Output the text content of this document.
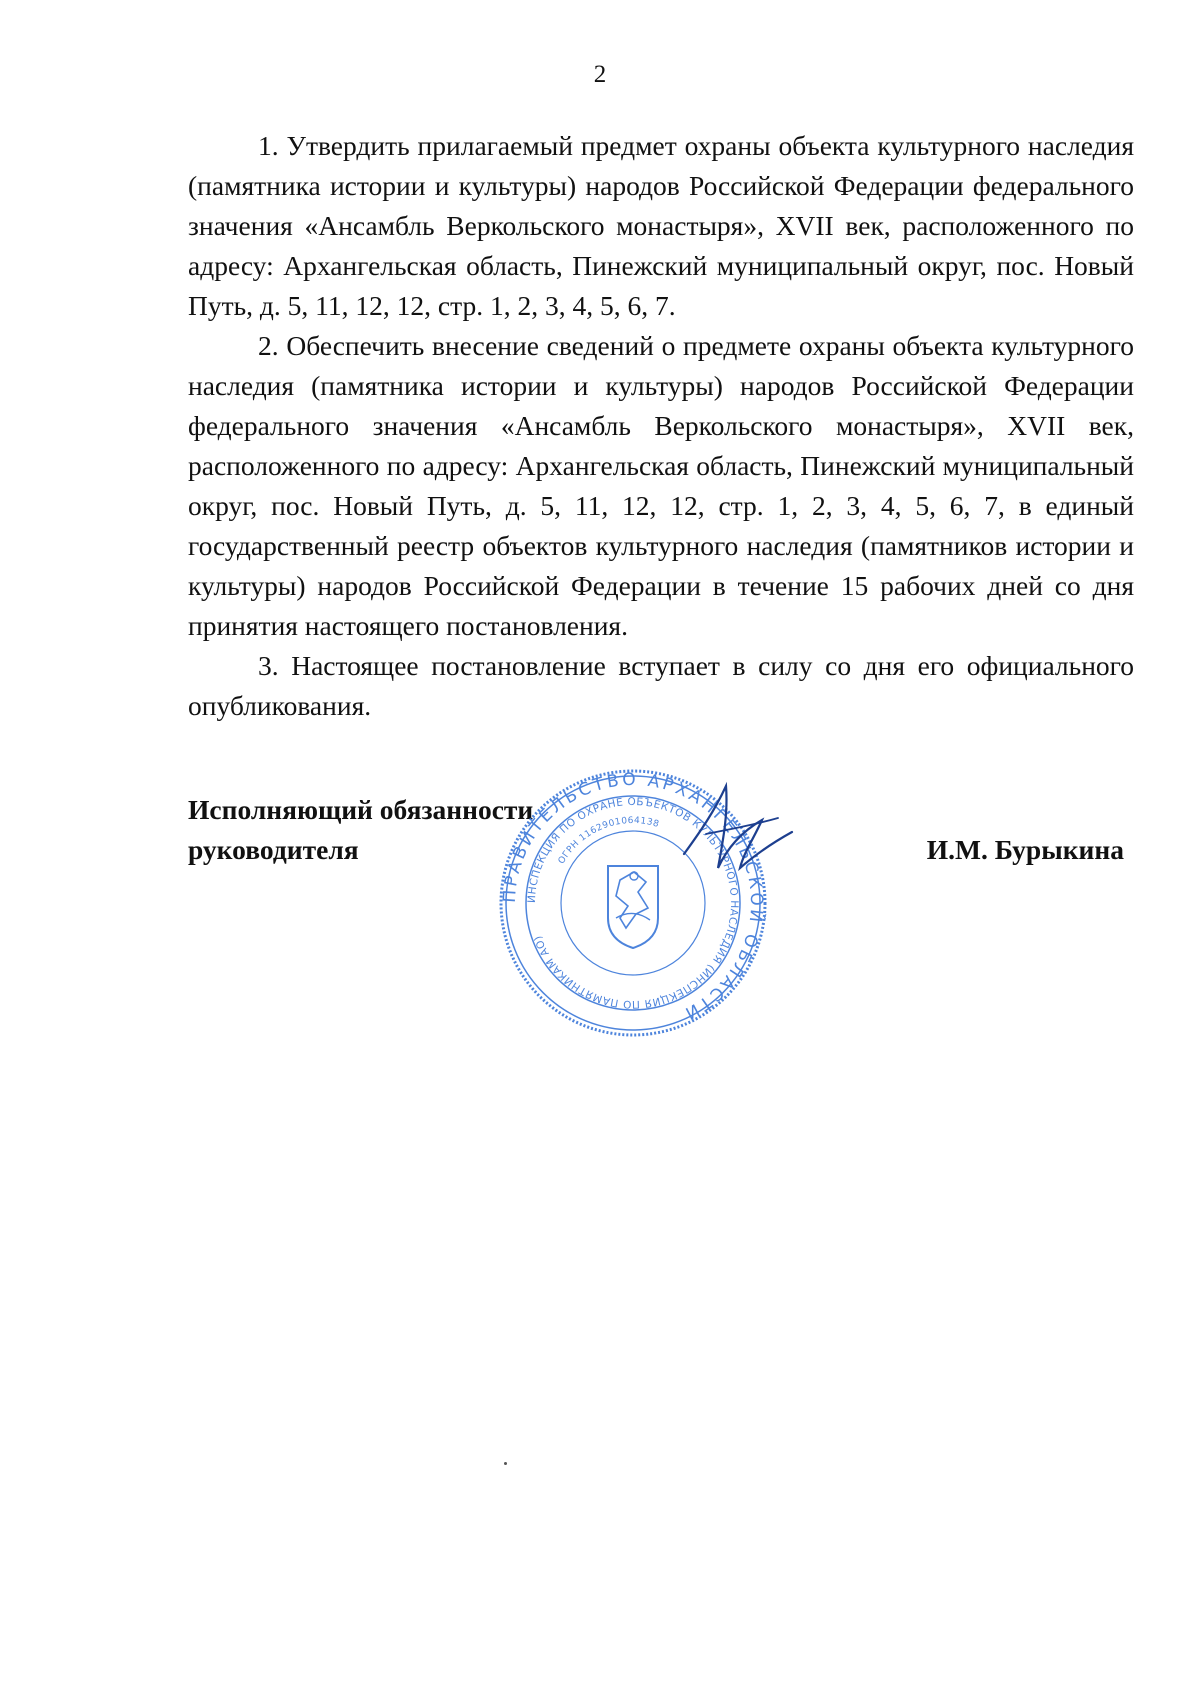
2

1. Утвердить прилагаемый предмет охраны объекта культурного наследия (памятника истории и культуры) народов Российской Федерации федерального значения «Ансамбль Веркольского монастыря», XVII век, расположенного по адресу: Архангельская область, Пинежский муниципальный округ, пос. Новый Путь, д. 5, 11, 12, 12, стр. 1, 2, 3, 4, 5, 6, 7.

2. Обеспечить внесение сведений о предмете охраны объекта культурного наследия (памятника истории и культуры) народов Российской Федерации федерального значения «Ансамбль Веркольского монастыря», XVII век, расположенного по адресу: Архангельская область, Пинежский муниципальный округ, пос. Новый Путь, д. 5, 11, 12, 12, стр. 1, 2, 3, 4, 5, 6, 7, в единый государственный реестр объектов культурного наследия (памятников истории и культуры) народов Российской Федерации в течение 15 рабочих дней со дня принятия настоящего постановления.

3. Настоящее постановление вступает в силу со дня его официального опубликования.

Исполняющий обязанности
руководителя	И.М. Бурыкина
ПРАВИТЕЛЬСТВО АРХАНГЕЛЬСКОЙ ОБЛАСТИ
ИНСПЕКЦИЯ ПО ОХРАНЕ ОБЪЕКТОВ КУЛЬТУРНОГО НАСЛЕДИЯ (ИНСПЕКЦИЯ ПО ПАМЯТНИКАМ АО)
ОГРН 1162901064138
